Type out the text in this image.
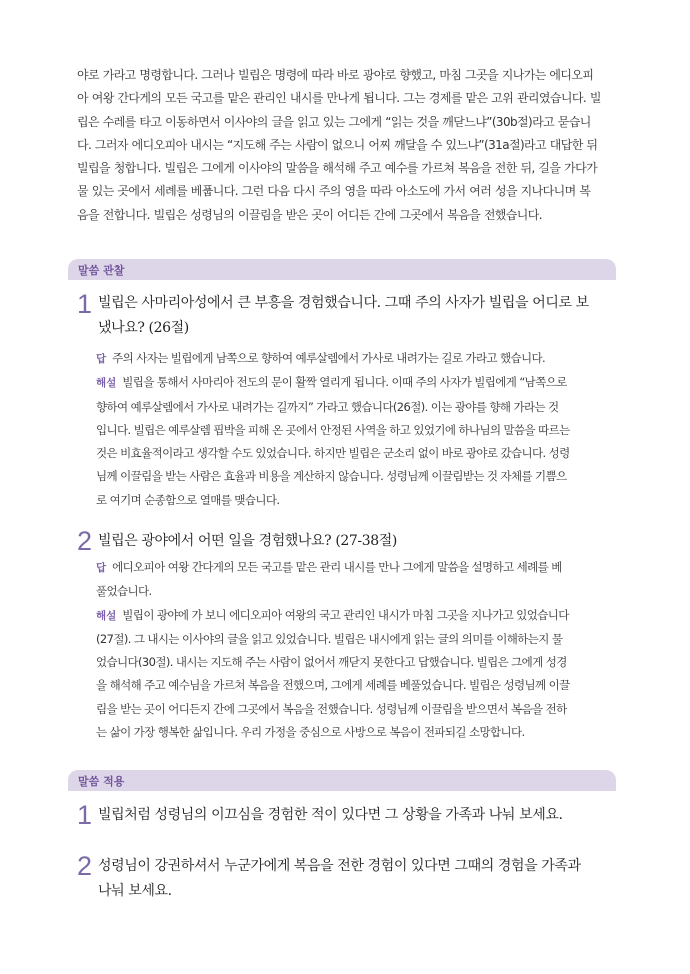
야로 가라고 명령합니다. 그러나 빌립은 명령에 따라 바로 광야로 향했고, 마침 그곳을 지나가는 에디오피

아 여왕 간다게의 모든 국고를 맡은 관리인 내시를 만나게 됩니다. 그는 경제를 맡은 고위 관리였습니다. 빌

립은 수레를 타고 이동하면서 이사야의 글을 읽고 있는 그에게 “읽는 것을 깨닫느냐”(30b절)라고 묻습니

다. 그러자 에디오피아 내시는 “지도해 주는 사람이 없으니 어찌 깨달을 수 있느냐”(31a절)라고 대답한 뒤

빌립을 청합니다. 빌립은 그에게 이사야의 말씀을 해석해 주고 예수를 가르쳐 복음을 전한 뒤, 길을 가다가

물 있는 곳에서 세례를 베풉니다. 그런 다음 다시 주의 영을 따라 아소도에 가서 여러 성을 지나다니며 복

음을 전합니다. 빌립은 성령님의 이끌림을 받은 곳이 어디든 간에 그곳에서 복음을 전했습니다.

말씀 관찰
1 빌립은 사마리아성에서 큰 부흥을 경험했습니다. 그때 주의 사자가 빌립을 어디로 보

냈나요? (26절)

답 주의 사자는 빌립에게 남쪽으로 향하여 예루살렘에서 가사로 내려가는 길로 가라고 했습니다.

해설 빌립을 통해서 사마리아 전도의 문이 활짝 열리게 됩니다. 이때 주의 사자가 빌립에게 “남쪽으로

향하여 예루살렘에서 가사로 내려가는 길까지” 가라고 했습니다(26절). 이는 광야를 향해 가라는 것

입니다. 빌립은 예루살렘 핍박을 피해 온 곳에서 안정된 사역을 하고 있었기에 하나님의 말씀을 따르는

것은 비효율적이라고 생각할 수도 있었습니다. 하지만 빌립은 군소리 없이 바로 광야로 갔습니다. 성령

님께 이끌림을 받는 사람은 효율과 비용을 계산하지 않습니다. 성령님께 이끌림받는 것 자체를 기쁨으

로 여기며 순종함으로 열매를 맺습니다.

2 빌립은 광야에서 어떤 일을 경험했나요? (27-38절)

답 에디오피아 여왕 간다게의 모든 국고를 맡은 관리 내시를 만나 그에게 말씀을 설명하고 세례를 베

풀었습니다.

해설 빌립이 광야에 가 보니 에디오피아 여왕의 국고 관리인 내시가 마침 그곳을 지나가고 있었습니다

(27절). 그 내시는 이사야의 글을 읽고 있었습니다. 빌립은 내시에게 읽는 글의 의미를 이해하는지 물

었습니다(30절). 내시는 지도해 주는 사람이 없어서 깨닫지 못한다고 답했습니다. 빌립은 그에게 성경

을 해석해 주고 예수님을 가르쳐 복음을 전했으며, 그에게 세례를 베풀었습니다. 빌립은 성령님께 이끌

림을 받는 곳이 어디든지 간에 그곳에서 복음을 전했습니다. 성령님께 이끌림을 받으면서 복음을 전하

는 삶이 가장 행복한 삶입니다. 우리 가정을 중심으로 사방으로 복음이 전파되길 소망합니다.

말씀 적용
1 빌립처럼 성령님의 이끄심을 경험한 적이 있다면 그 상황을 가족과 나눠 보세요.

2 성령님이 강권하셔서 누군가에게 복음을 전한 경험이 있다면 그때의 경험을 가족과

나눠 보세요.
